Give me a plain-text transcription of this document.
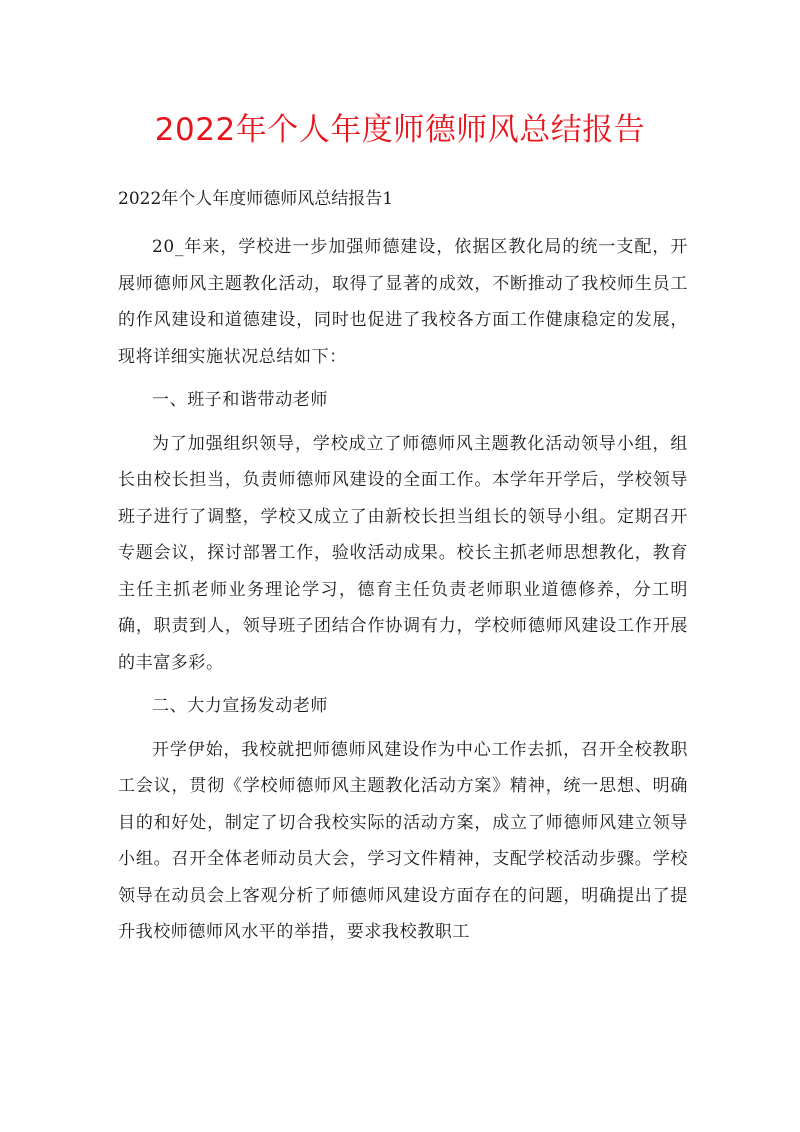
2022年个人年度师德师风总结报告
2022年个人年度师德师风总结报告1

20_年来，学校进一步加强师德建设，依据区教化局的统一支配，开展师德师风主题教化活动，取得了显著的成效，不断推动了我校师生员工的作风建设和道德建设，同时也促进了我校各方面工作健康稳定的发展，现将详细实施状况总结如下：

一、班子和谐带动老师

为了加强组织领导，学校成立了师德师风主题教化活动领导小组，组长由校长担当，负责师德师风建设的全面工作。本学年开学后，学校领导班子进行了调整，学校又成立了由新校长担当组长的领导小组。定期召开专题会议，探讨部署工作，验收活动成果。校长主抓老师思想教化，教育主任主抓老师业务理论学习，德育主任负责老师职业道德修养，分工明确，职责到人，领导班子团结合作协调有力，学校师德师风建设工作开展的丰富多彩。

二、大力宣扬发动老师

开学伊始，我校就把师德师风建设作为中心工作去抓，召开全校教职工会议，贯彻《学校师德师风主题教化活动方案》精神，统一思想、明确目的和好处，制定了切合我校实际的活动方案，成立了师德师风建立领导小组。召开全体老师动员大会，学习文件精神，支配学校活动步骤。学校领导在动员会上客观分析了师德师风建设方面存在的问题，明确提出了提升我校师德师风水平的举措，要求我校教职工
